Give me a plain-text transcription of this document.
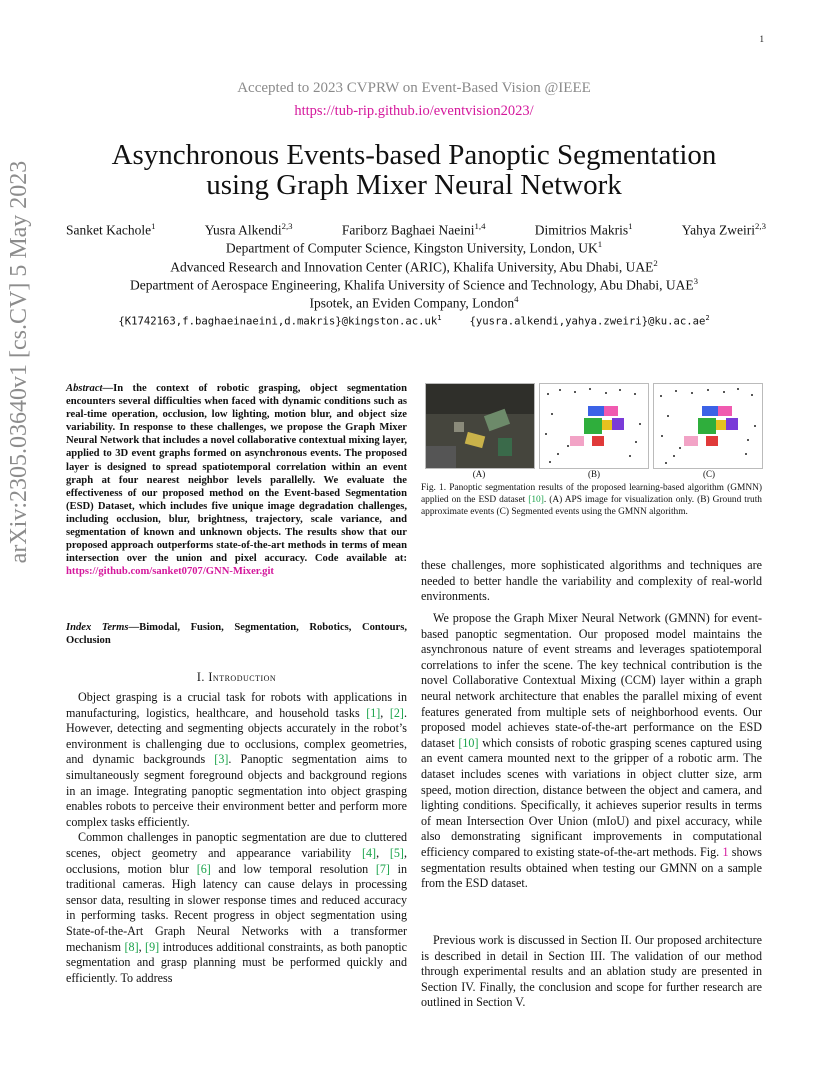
1
Accepted to 2023 CVPRW on Event-Based Vision @IEEE
https://tub-rip.github.io/eventvision2023/
Asynchronous Events-based Panoptic Segmentation
using Graph Mixer Neural Network
Sanket Kachole$^1$	Yusra Alkendi$^{2,3}$	Fariborz Baghaei Naeini$^{1,4}$	Dimitrios Makris$^1$	Yahya Zweiri$^{2,3}$
Department of Computer Science, Kingston University, London, $UK^1$
Advanced Research and Innovation Center (ARIC), Khalifa University, Abu Dhabi, UAE$^2$
Department of Aerospace Engineering, Khalifa University of Science and Technology, Abu Dhabi, UAE$^3$
Ipsotek, an Eviden Company, London$^4$
$\{K1742163,f.baghaeinaeini,d.makris\}@kingston.ac.uk^1$	$\{yusra.alkendi,yahya.zweiri\}@ku.ac.ae^2$
arXiv:2305.03640v1 [cs.CV] 5 May 2023	Abstract—In the context of robotic grasping, object segmentation encounters several difficulties when faced with dynamic conditions such as real-time operation, occlusion, low lighting, motion blur, and object size variability. In response to these challenges, we propose the Graph Mixer Neural Network that includes a novel collaborative contextual mixing layer, applied to 3D event graphs formed on asynchronous events. The proposed layer is designed to spread spatiotemporal correlation within an event graph at four nearest neighbor levels parallelly. We evaluate the effectiveness of our proposed method on the Event-based Segmentation (ESD) Dataset, which includes five unique image degradation challenges, including occlusion, blur, brightness, trajectory, scale variance, and segmentation of known and unknown objects. The results show that our proposed approach outperforms state-of-the-art methods in terms of mean intersection over the union and pixel accuracy. Code available at: https://github.com/sanket0707/GNN-Mixer.git
Index Terms—Bimodal, Fusion, Segmentation, Robotics, Contours, Occlusion
I. Introduction

Object grasping is a crucial task for robots with applications in manufacturing, logistics, healthcare, and household tasks [1], [2]. However, detecting and segmenting objects accurately in the robot’s environment is challenging due to occlusions, complex geometries, and dynamic backgrounds [3]. Panoptic segmentation aims to simultaneously segment foreground objects and background regions in an image. Integrating panoptic segmentation into object grasping enables robots to perceive their environment better and perform more complex tasks efficiently.

Common challenges in panoptic segmentation are due to cluttered scenes, object geometry and appearance variability [4], [5], occlusions, motion blur [6] and low temporal resolution [7] in traditional cameras. High latency can cause delays in processing sensor data, resulting in slower response times and reduced accuracy in performing tasks. Recent progress in object segmentation using State-of-the-Art Graph Neural Networks with a transformer mechanism [8], [9] introduces additional constraints, as both panoptic segmentation and grasp planning must be performed quickly and efficiently. To address

(A)	(B)	(C)
Fig. 1. Panoptic segmentation results of the proposed learning-based algorithm (GMNN) applied on the ESD dataset [10]. (A) APS image for visualization only. (B) Ground truth approximate events (C) Segmented events using the GMNN algorithm.

these challenges, more sophisticated algorithms and techniques are needed to better handle the variability and complexity of real-world environments.

We propose the Graph Mixer Neural Network (GMNN) for event-based panoptic segmentation. Our proposed model maintains the asynchronous nature of event streams and leverages spatiotemporal correlations to infer the scene. The key technical contribution is the novel Collaborative Contextual Mixing (CCM) layer within a graph neural network architecture that enables the parallel mixing of event features generated from multiple sets of neighborhood events. Our proposed model achieves state-of-the-art performance on the ESD dataset [10] which consists of robotic grasping scenes captured using an event camera mounted next to the gripper of a robotic arm. The dataset includes scenes with variations in object clutter size, arm speed, motion direction, distance between the object and camera, and lighting conditions. Specifically, it achieves superior results in terms of mean Intersection Over Union (mIoU) and pixel accuracy, while also demonstrating significant improvements in computational efficiency compared to existing state-of-the-art methods. Fig. 1 shows segmentation results obtained when testing our GMNN on a sample from the ESD dataset.

Previous work is discussed in Section II. Our proposed architecture is described in detail in Section III. The validation of our method through experimental results and an ablation study are presented in Section IV. Finally, the conclusion and scope for further research are outlined in Section V.
